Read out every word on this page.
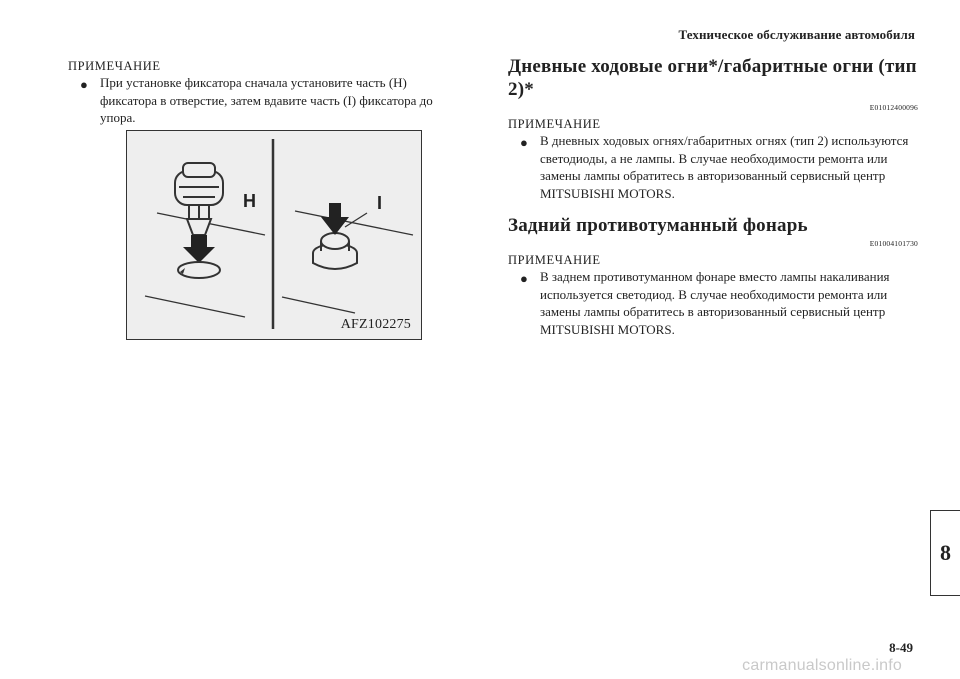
Техническое обслуживание автомобиля
ПРИМЕЧАНИЕ
● При установке фиксатора сначала установите часть (H) фиксатора в отверстие, затем вдавите часть (I) фиксатора до упора.
H	I
AFZ102275
Дневные ходовые огни*/габаритные огни (тип 2)*
E01012400096
ПРИМЕЧАНИЕ
● В дневных ходовых огнях/габаритных огнях (тип 2) используются светодиоды, а не лампы. В случае необходимости ремонта или замены лампы обратитесь в авторизованный сервисный центр MITSUBISHI MOTORS.
Задний противотуманный фонарь
E01004101730
ПРИМЕЧАНИЕ
● В заднем противотуманном фонаре вместо лампы накаливания используется светодиод. В случае необходимости ремонта или замены лампы обратитесь в авторизованный сервисный центр MITSUBISHI MOTORS.
8
8-49
carmanualsonline.info
